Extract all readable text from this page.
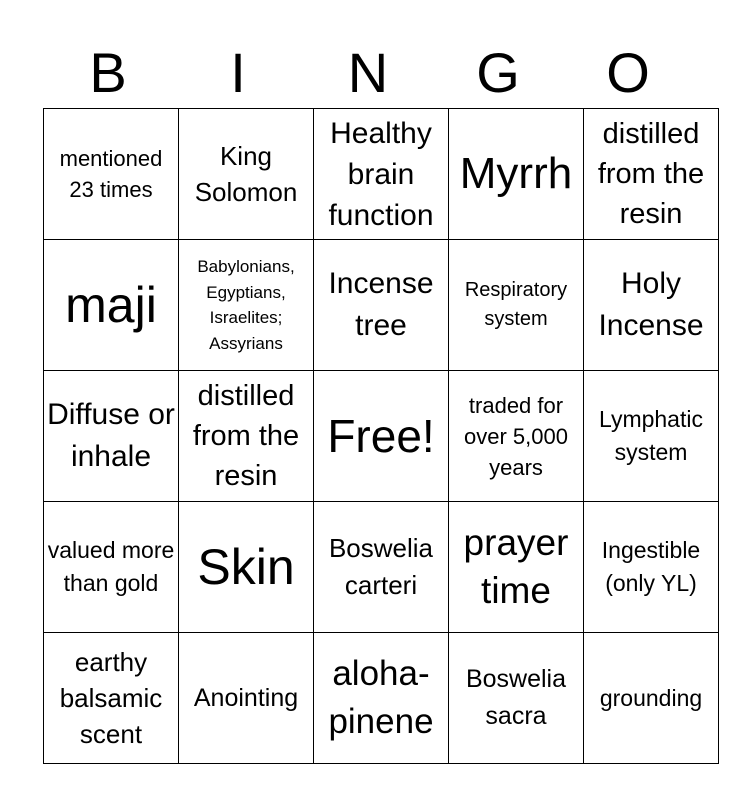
B	I	N	G	O
mentioned 23 times	King Solomon	Healthy brain function	Myrrh	distilled from the resin
maji	Babylonians, Egyptians, Israelites; Assyrians	Incense tree	Respiratory system	Holy Incense
Diffuse or inhale	distilled from the resin	Free!	traded for over 5,000 years	Lymphatic system
valued more than gold	Skin	Boswelia carteri	prayer time	Ingestible (only YL)
earthy balsamic scent	Anointing	aloha-pinene	Boswelia sacra	grounding
